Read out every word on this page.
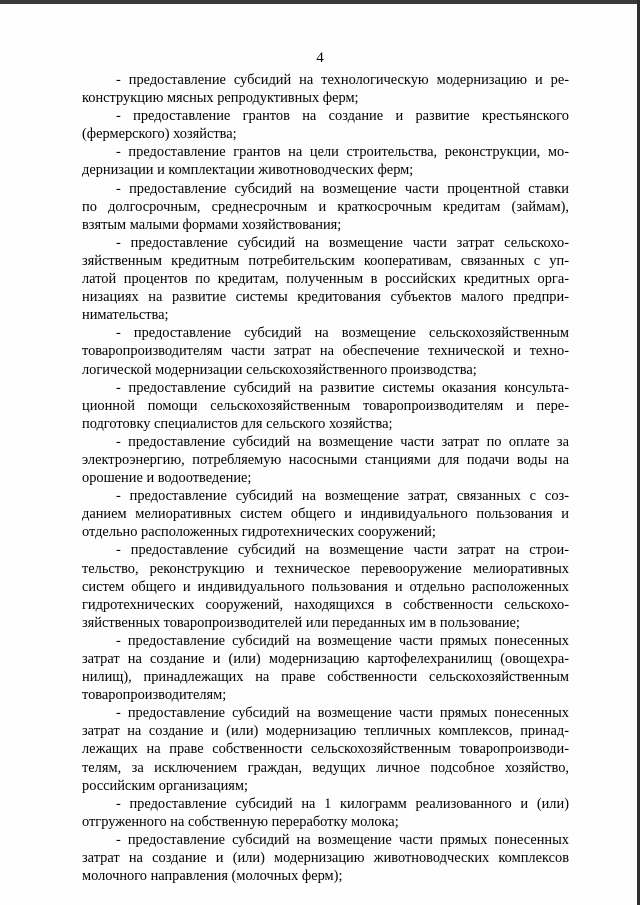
4
- предоставление субсидий на технологическую модернизацию и ре-
конструкцию мясных репродуктивных ферм;
- предоставление грантов на создание и развитие крестьянского
(фермерского) хозяйства;
- предоставление грантов на цели строительства, реконструкции, мо-
дернизации и комплектации животноводческих ферм;
- предоставление субсидий на возмещение части процентной ставки
по долгосрочным, среднесрочным и краткосрочным кредитам (займам),
взятым малыми формами хозяйствования;
- предоставление субсидий на возмещение части затрат сельскохо-
зяйственным кредитным потребительским кооперативам, связанных с уп-
латой процентов по кредитам, полученным в российских кредитных орга-
низациях на развитие системы кредитования субъектов малого предпри-
нимательства;
- предоставление субсидий на возмещение сельскохозяйственным
товаропроизводителям части затрат на обеспечение технической и техно-
логической модернизации сельскохозяйственного производства;
- предоставление субсидий на развитие системы оказания консульта-
ционной помощи сельскохозяйственным товаропроизводителям и пере-
подготовку специалистов для сельского хозяйства;
- предоставление субсидий на возмещение части затрат по оплате за
электроэнергию, потребляемую насосными станциями для подачи воды на
орошение и водоотведение;
- предоставление субсидий на возмещение затрат, связанных с соз-
данием мелиоративных систем общего и индивидуального пользования и
отдельно расположенных гидротехнических сооружений;
- предоставление субсидий на возмещение части затрат на строи-
тельство, реконструкцию и техническое перевооружение мелиоративных
систем общего и индивидуального пользования и отдельно расположенных
гидротехнических сооружений, находящихся в собственности сельскохо-
зяйственных товаропроизводителей или переданных им в пользование;
- предоставление субсидий на возмещение части прямых понесенных
затрат на создание и (или) модернизацию картофелехранилищ (овощехра-
нилищ), принадлежащих на праве собственности сельскохозяйственным
товаропроизводителям;
- предоставление субсидий на возмещение части прямых понесенных
затрат на создание и (или) модернизацию тепличных комплексов, принад-
лежащих на праве собственности сельскохозяйственным товаропроизводи-
телям, за исключением граждан, ведущих личное подсобное хозяйство,
российским организациям;
- предоставление субсидий на 1 килограмм реализованного и (или)
отгруженного на собственную переработку молока;
- предоставление субсидий на возмещение части прямых понесенных
затрат на создание и (или) модернизацию животноводческих комплексов
молочного направления (молочных ферм);
